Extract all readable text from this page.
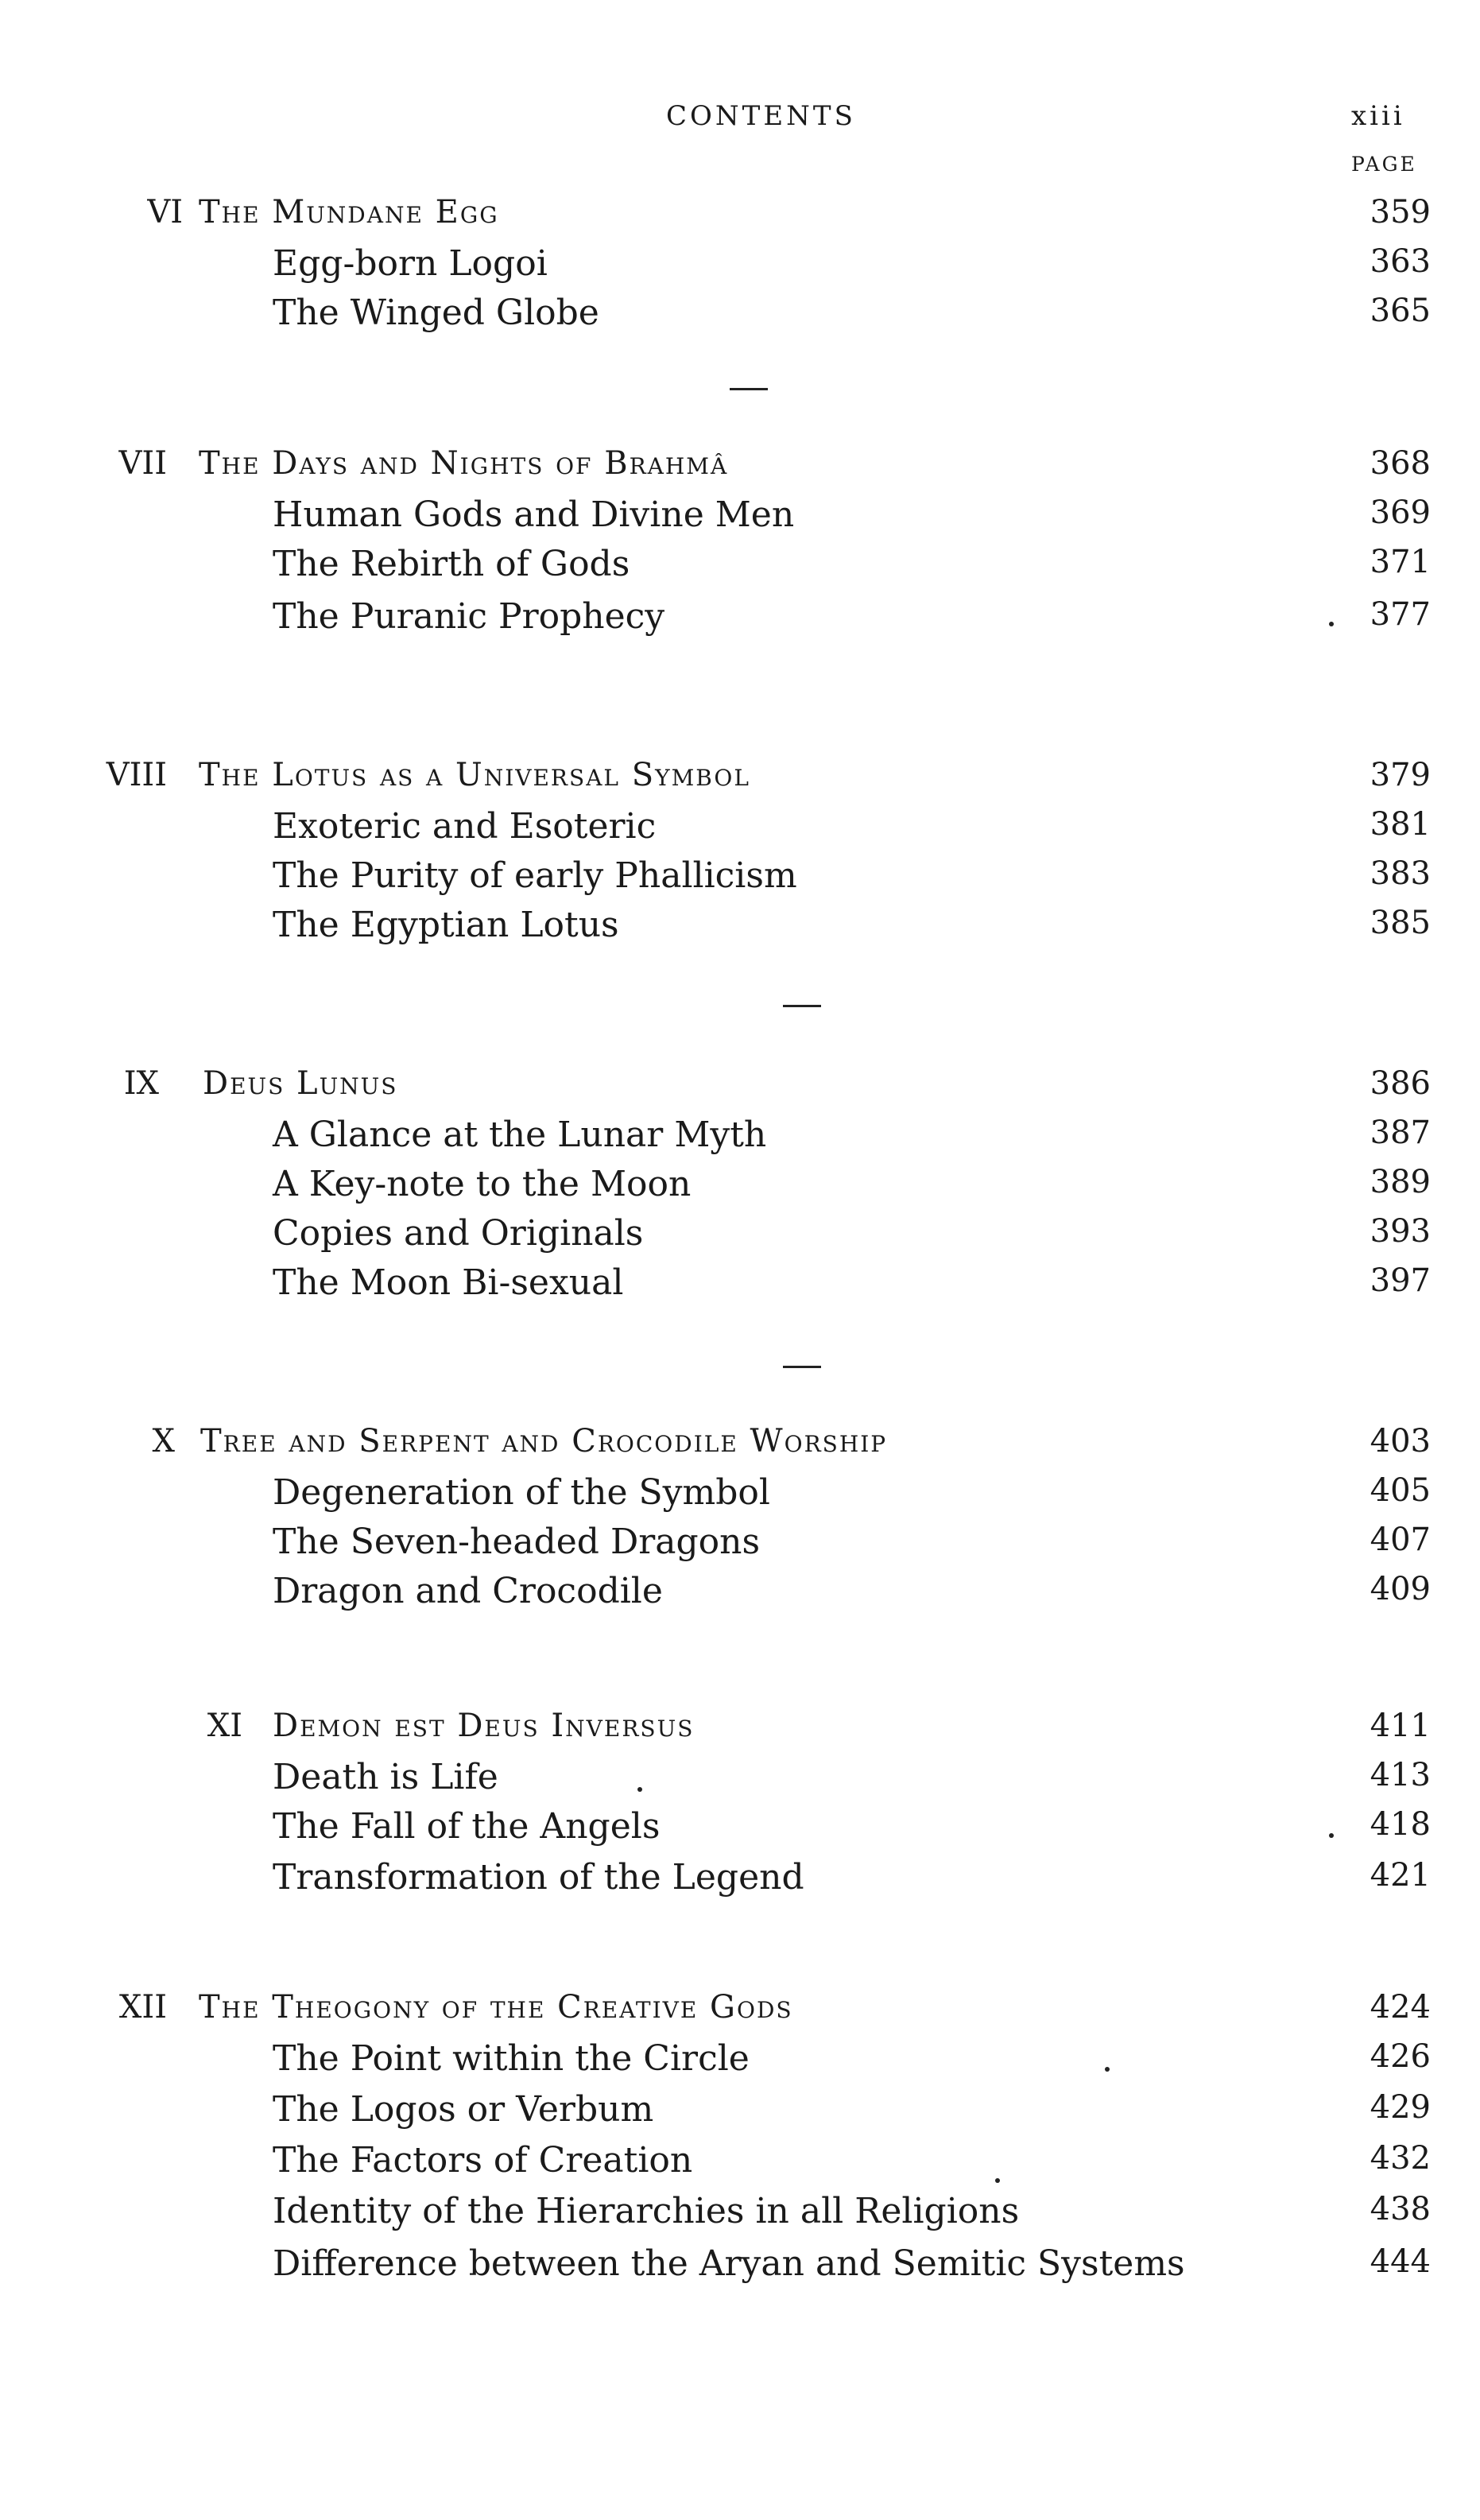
CONTENTS	xiii
PAGE
VI The Mundane Egg	359
Egg-born Logoi	363
The Winged Globe	365
VII The Days and Nights of Brahmâ	368
Human Gods and Divine Men	369
The Rebirth of Gods	371
The Puranic Prophecy	377
VIII The Lotus as a Universal Symbol	379
Exoteric and Esoteric	381
The Purity of early Phallicism	383
The Egyptian Lotus	385
IX Deus Lunus	386
A Glance at the Lunar Myth	387
A Key-note to the Moon	389
Copies and Originals	393
The Moon Bi-sexual	397
X Tree and Serpent and Crocodile Worship	403
Degeneration of the Symbol	405
The Seven-headed Dragons	407
Dragon and Crocodile	409
XI Demon est Deus Inversus	411
Death is Life	413
The Fall of the Angels	418
Transformation of the Legend	421
XII The Theogony of the Creative Gods	424
The Point within the Circle	426
The Logos or Verbum	429
The Factors of Creation	432
Identity of the Hierarchies in all Religions	438
Difference between the Aryan and Semitic Systems	444
